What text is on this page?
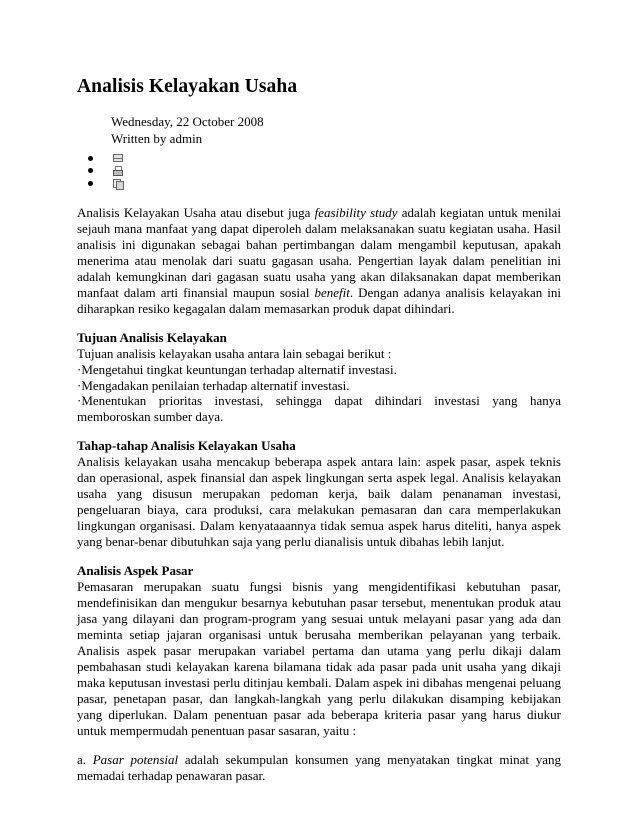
Analisis Kelayakan Usaha
Wednesday, 22 October 2008
Written by admin

Analisis Kelayakan Usaha atau disebut juga feasibility study adalah kegiatan untuk menilai sejauh mana manfaat yang dapat diperoleh dalam melaksanakan suatu kegiatan usaha. Hasil analisis ini digunakan sebagai bahan pertimbangan dalam mengambil keputusan, apakah menerima atau menolak dari suatu gagasan usaha. Pengertian layak dalam penelitian ini adalah kemungkinan dari gagasan suatu usaha yang akan dilaksanakan dapat memberikan manfaat dalam arti finansial maupun sosial benefit. Dengan adanya analisis kelayakan ini diharapkan resiko kegagalan dalam memasarkan produk dapat dihindari.

Tujuan Analisis Kelayakan

Tujuan analisis kelayakan usaha antara lain sebagai berikut :

·Mengetahui tingkat keuntungan terhadap alternatif investasi.

·Mengadakan penilaian terhadap alternatif investasi.

·Menentukan prioritas investasi, sehingga dapat dihindari investasi yang hanya memboroskan sumber daya.

Tahap-tahap Analisis Kelayakan Usaha

Analisis kelayakan usaha mencakup beberapa aspek antara lain: aspek pasar, aspek teknis dan operasional, aspek finansial dan aspek lingkungan serta aspek legal. Analisis kelayakan usaha yang disusun merupakan pedoman kerja, baik dalam penanaman investasi, pengeluaran biaya, cara produksi, cara melakukan pemasaran dan cara memperlakukan lingkungan organisasi. Dalam kenyataaannya tidak semua aspek harus diteliti, hanya aspek yang benar-benar dibutuhkan saja yang perlu dianalisis untuk dibahas lebih lanjut.

Analisis Aspek Pasar

Pemasaran merupakan suatu fungsi bisnis yang mengidentifikasi kebutuhan pasar, mendefinisikan dan mengukur besarnya kebutuhan pasar tersebut, menentukan produk atau jasa yang dilayani dan program-program yang sesuai untuk melayani pasar yang ada dan meminta setiap jajaran organisasi untuk berusaha memberikan pelayanan yang terbaik. Analisis aspek pasar merupakan variabel pertama dan utama yang perlu dikaji dalam pembahasan studi kelayakan karena bilamana tidak ada pasar pada unit usaha yang dikaji maka keputusan investasi perlu ditinjau kembali. Dalam aspek ini dibahas mengenai peluang pasar, penetapan pasar, dan langkah-langkah yang perlu dilakukan disamping kebijakan yang diperlukan. Dalam penentuan pasar ada beberapa kriteria pasar yang harus diukur untuk mempermudah penentuan pasar sasaran, yaitu :

a. Pasar potensial adalah sekumpulan konsumen yang menyatakan tingkat minat yang memadai terhadap penawaran pasar.
